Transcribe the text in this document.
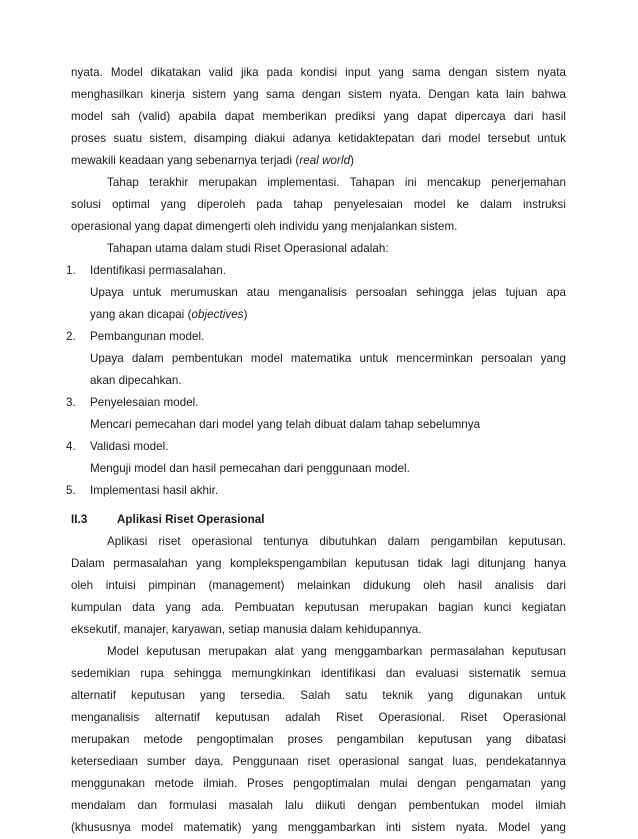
nyata. Model dikatakan valid jika pada kondisi input yang sama dengan sistem nyata
menghasilkan kinerja sistem yang sama dengan sistem nyata. Dengan kata lain bahwa
model sah (valid) apabila dapat memberikan prediksi yang dapat dipercaya dari hasil
proses suatu sistem, disamping diakui adanya ketidaktepatan dari model tersebut untuk
mewakili keadaan yang sebenarnya terjadi (real world)
Tahap terakhir merupakan implementasi. Tahapan ini mencakup penerjemahan
solusi optimal yang diperoleh pada tahap penyelesaian model ke dalam instruksi
operasional yang dapat dimengerti oleh individu yang menjalankan sistem.
Tahapan utama dalam studi Riset Operasional adalah:
1. Identifikasi permasalahan.
Upaya untuk merumuskan atau menganalisis persoalan sehingga jelas tujuan apa
yang akan dicapai (objectives)
2. Pembangunan model.
Upaya dalam pembentukan model matematika untuk mencerminkan persoalan yang
akan dipecahkan.
3. Penyelesaian model.
Mencari pemecahan dari model yang telah dibuat dalam tahap sebelumnya
4. Validasi model.
Menguji model dan hasil pemecahan dari penggunaan model.
5. Implementasi hasil akhir.
II.3	Aplikasi Riset Operasional
Aplikasi riset operasional tentunya dibutuhkan dalam pengambilan keputusan.
Dalam permasalahan yang komplekspengambilan keputusan tidak lagi ditunjang hanya
oleh intuisi pimpinan (management) melainkan didukung oleh hasil analisis dari
kumpulan data yang ada. Pembuatan keputusan merupakan bagian kunci kegiatan
eksekutif, manajer, karyawan, setiap manusia dalam kehidupannya.
Model keputusan merupakan alat yang menggambarkan permasalahan keputusan
sedemikian rupa sehingga memungkinkan identifikasi dan evaluasi sistematik semua
alternatif keputusan yang tersedia. Salah satu teknik yang digunakan untuk
menganalisis alternatif keputusan adalah Riset Operasional. Riset Operasional
merupakan metode pengoptimalan proses pengambilan keputusan yang dibatasi
ketersediaan sumber daya. Penggunaan riset operasional sangat luas, pendekatannya
menggunakan metode ilmiah. Proses pengoptimalan mulai dengan pengamatan yang
mendalam dan formulasi masalah lalu diikuti dengan pembentukan model ilmiah
(khususnya model matematik) yang menggambarkan inti sistem nyata. Model yang
